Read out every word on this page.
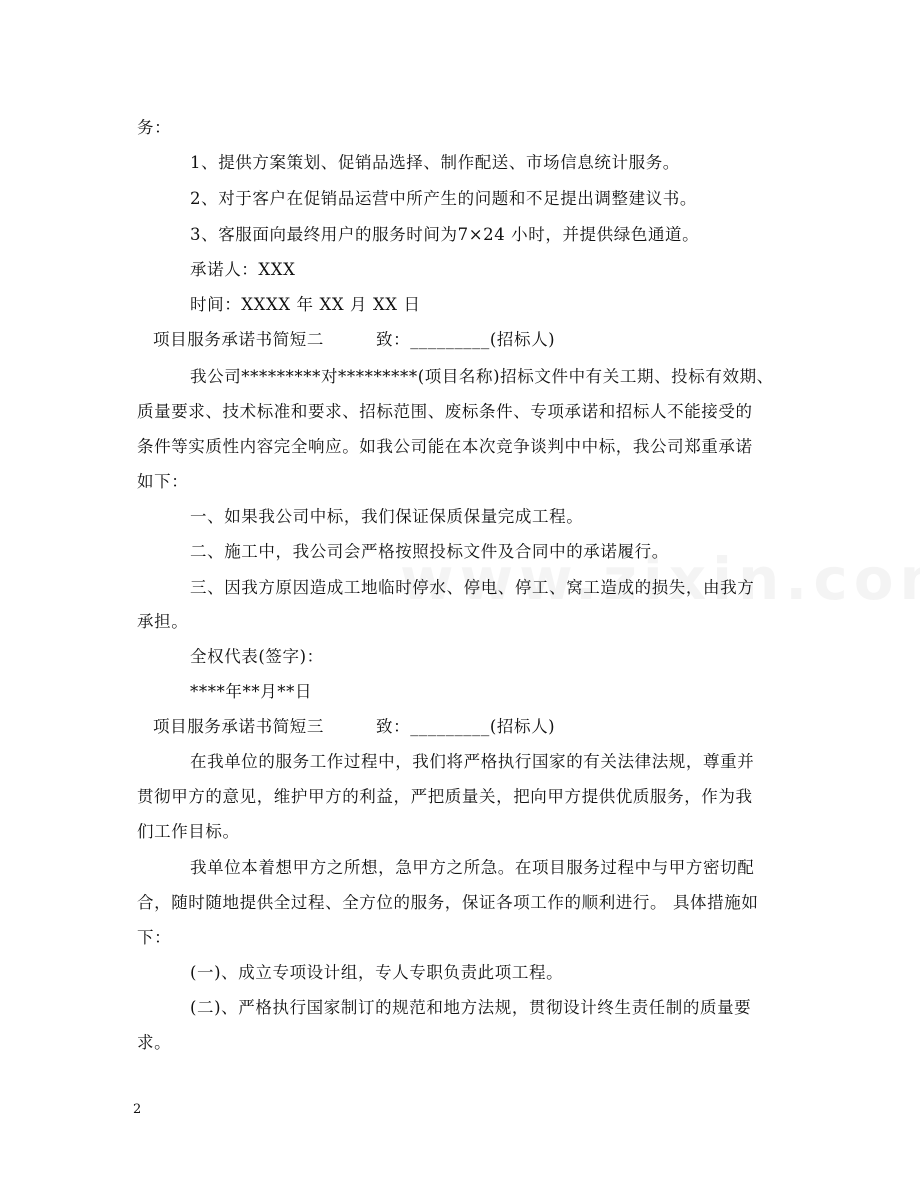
务：
1、提供方案策划、促销品选择、制作配送、市场信息统计服务。
2、对于客户在促销品运营中所产生的问题和不足提出调整建议书。
3、客服面向最终用户的服务时间为7×24 小时，并提供绿色通道。
承诺人：XXX
时间：XXXX 年 XX 月 XX 日
项目服务承诺书简短二	致：_________(招标人)
我公司*********对*********(项目名称)招标文件中有关工期、投标有效期、
质量要求、技术标准和要求、招标范围、废标条件、专项承诺和招标人不能接受的
条件等实质性内容完全响应。如我公司能在本次竞争谈判中中标，我公司郑重承诺
如下：
一、如果我公司中标，我们保证保质保量完成工程。
二、施工中，我公司会严格按照投标文件及合同中的承诺履行。
三、因我方原因造成工地临时停水、停电、停工、窝工造成的损失，由我方
承担。
全权代表(签字)：
****年**月**日
项目服务承诺书简短三	致：_________(招标人)
在我单位的服务工作过程中，我们将严格执行国家的有关法律法规，尊重并
贯彻甲方的意见，维护甲方的利益，严把质量关，把向甲方提供优质服务，作为我
们工作目标。
我单位本着想甲方之所想，急甲方之所急。在项目服务过程中与甲方密切配
合，随时随地提供全过程、全方位的服务，保证各项工作的顺利进行。 具体措施如
下：
(一)、成立专项设计组，专人专职负责此项工程。
(二)、严格执行国家制订的规范和地方法规，贯彻设计终生责任制的质量要
求。
2
